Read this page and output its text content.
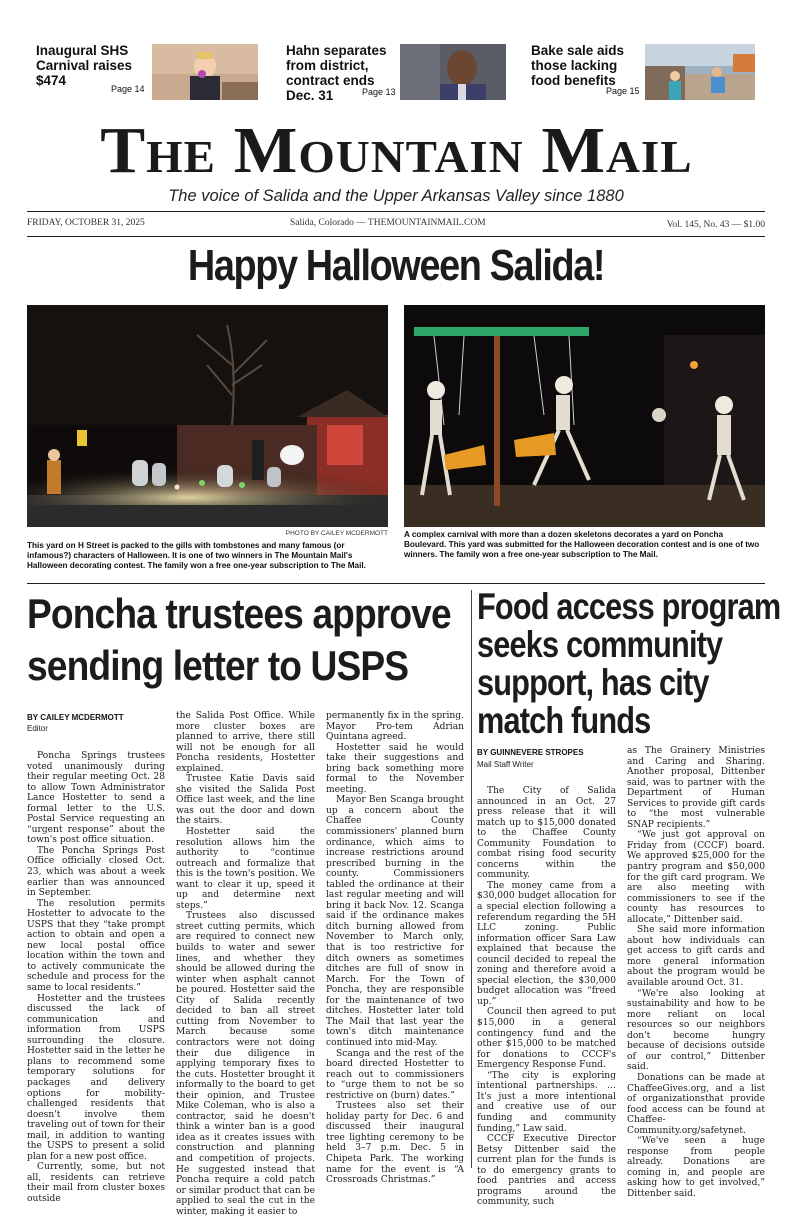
Inaugural SHS
Carnival raises
$474
Page 14
Hahn separates
from district,
contract ends
Dec. 31	Page 13
Bake sale aids
those lacking
food benefits
Page 15
The Mountain Mail
The voice of Salida and the Upper Arkansas Valley since 1880
FRIDAY, OCTOBER 31, 2025	Salida, Colorado — THEMOUNTAINMAIL.COM	Vol. 145, No. 43 — $1.00
Happy Halloween Salida!
PHOTO BY CAILEY MCDERMOTT
This yard on H Street is packed to the gills with tombstones and many famous (or infamous?) characters of Halloween. It is one of two winners in The Mountain Mail's Halloween decorating contest. The family won a free one-year subscription to The Mail.
A complex carnival with more than a dozen skeletons decorates a yard on Poncha Boulevard. This yard was submitted for the Halloween decoration contest and is one of two winners. The family won a free one-year subscription to The Mail.
Poncha trustees approve
sending letter to USPS
BY CAILEY MCDERMOTT
Editor

Poncha Springs trustees voted unanimously during their regular meeting Oct. 28 to allow Town Administrator Lance Hostetter to send a formal letter to the U.S. Postal Service requesting an “urgent response” about the town's post office situation.

The Poncha Springs Post Office officially closed Oct. 23, which was about a week earlier than was announced in September.

The resolution permits Hostetter to advocate to the USPS that they “take prompt action to obtain and open a new local postal office location within the town and to actively communicate the schedule and process for the same to local residents.”

Hostetter and the trustees discussed the lack of communication and information from USPS surrounding the closure. Hostetter said in the letter he plans to recommend some temporary solutions for packages and delivery options for mobility-challenged residents that doesn't involve them traveling out of town for their mail, in addition to wanting the USPS to present a solid plan for a new post office.

Currently, some, but not all, residents can retrieve their mail from cluster boxes outside

the Salida Post Office. While more cluster boxes are planned to arrive, there still will not be enough for all Poncha residents, Hostetter explained.

Trustee Katie Davis said she visited the Salida Post Office last week, and the line was out the door and down the stairs.

Hostetter said the resolution allows him the authority to “continue outreach and formalize that this is the town's position. We want to clear it up, speed it up and determine next steps.”

Trustees also discussed street cutting permits, which are required to connect new builds to water and sewer lines, and whether they should be allowed during the winter when asphalt cannot be poured. Hostetter said the City of Salida recently decided to ban all street cutting from November to March because some contractors were not doing their due diligence in applying temporary fixes to the cuts. Hostetter brought it informally to the board to get their opinion, and Trustee Mike Coleman, who is also a contractor, said he doesn't think a winter ban is a good idea as it creates issues with construction and planning and competition of projects. He suggested instead that Poncha require a cold patch or similar product that can be applied to seal the cut in the winter, making it easier to

permanently fix in the spring. Mayor Pro-tem Adrian Quintana agreed.

Hostetter said he would take their suggestions and bring back something more formal to the November meeting.

Mayor Ben Scanga brought up a concern about the Chaffee County commissioners' planned burn ordinance, which aims to increase restrictions around prescribed burning in the county. Commissioners tabled the ordinance at their last regular meeting and will bring it back Nov. 12. Scanga said if the ordinance makes ditch burning allowed from November to March only, that is too restrictive for ditch owners as sometimes ditches are full of snow in March. For the Town of Poncha, they are responsible for the maintenance of two ditches. Hostetter later told The Mail that last year the town's ditch maintenance continued into mid-May.

Scanga and the rest of the board directed Hostetter to reach out to commissioners to “urge them to not be so restrictive on (burn) dates.”

Trustees also set their holiday party for Dec. 6 and discussed their inaugural tree lighting ceremony to be held 3–7 p.m. Dec. 5 in Chipeta Park. The working name for the event is “A Crossroads Christmas.”

Food access program
seeks community
support, has city
match funds
BY GUINNEVERE STROPES
Mail Staff Writer

The City of Salida announced in an Oct. 27 press release that it will match up to $15,000 donated to the Chaffee County Community Foundation to combat rising food security concerns within the community.

The money came from a $30,000 budget allocation for a special election following a referendum regarding the 5H LLC zoning. Public information officer Sara Law explained that because the council decided to repeal the zoning and therefore avoid a special election, the $30,000 budget allocation was “freed up.”

Council then agreed to put $15,000 in a general contingency fund and the other $15,000 to be matched for donations to CCCF's Emergency Response Fund.

“The city is exploring intentional partnerships. … It's just a more intentional and creative use of our funding and community funding,” Law said.

CCCF Executive Director Betsy Dittenber said the current plan for the funds is to do emergency grants to food pantries and access programs around the community, such

as The Grainery Ministries and Caring and Sharing. Another proposal, Dittenber said, was to partner with the Department of Human Services to provide gift cards to “the most vulnerable SNAP recipients.”

“We just got approval on Friday from (CCCF) board. We approved $25,000 for the pantry program and $50,000 for the gift card program. We are also meeting with commissioners to see if the county has resources to allocate,” Dittenber said.

She said more information about how individuals can get access to gift cards and more general information about the program would be available around Oct. 31.

“We're also looking at sustainability and how to be more reliant on local resources so our neighbors don't become hungry because of decisions outside of our control,” Dittenber said.

Donations can be made at ChaffeeGives.org, and a list of organizationsthat provide food access can be found at Chaffee-Community.org/safetynet.

“We've seen a huge response from people already. Donations are coming in, and people are asking how to get involved,” Dittenber said.
